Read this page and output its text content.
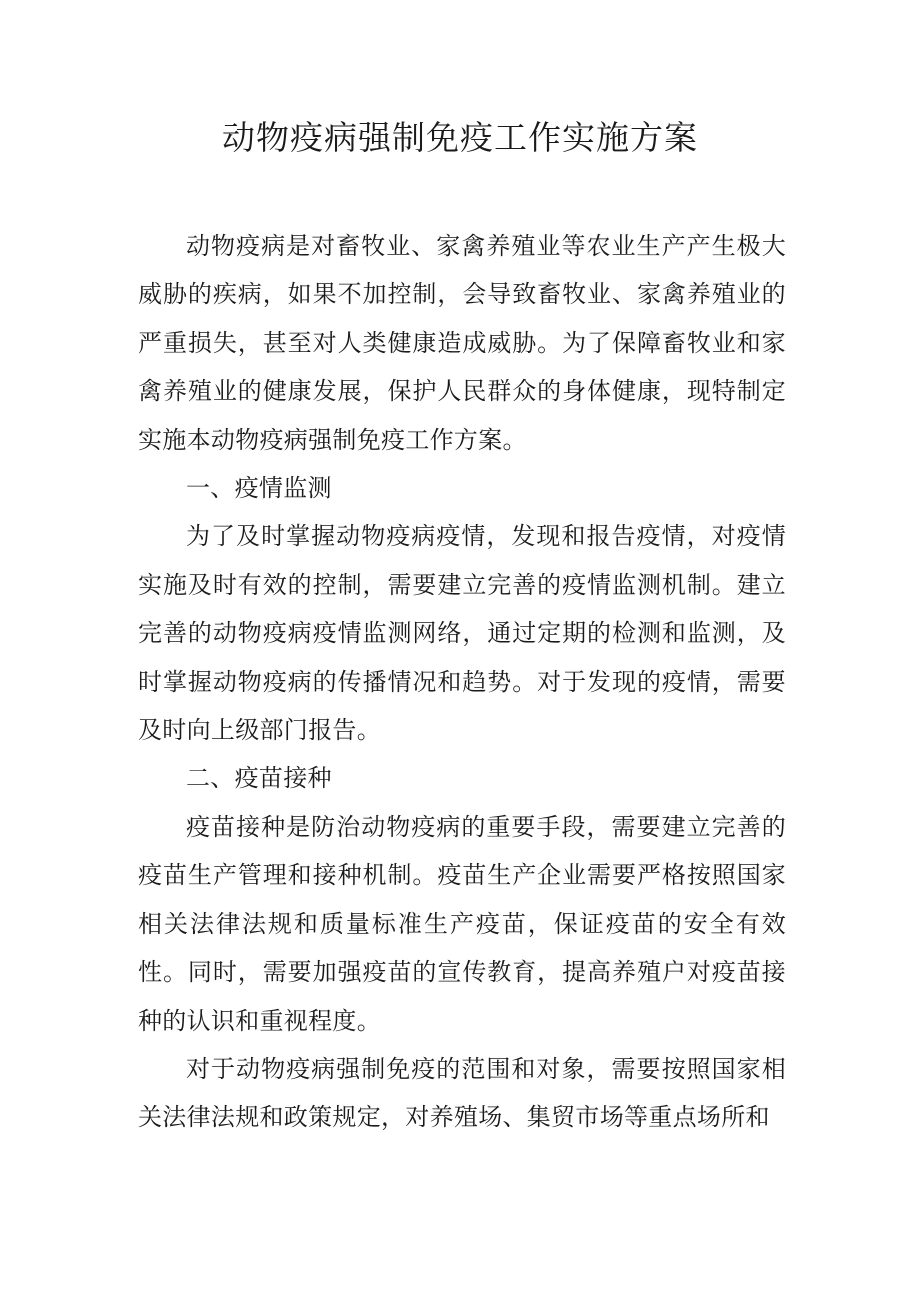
动物疫病强制免疫工作实施方案

动物疫病是对畜牧业、家禽养殖业等农业生产产生极大威胁的疾病，如果不加控制，会导致畜牧业、家禽养殖业的严重损失，甚至对人类健康造成威胁。为了保障畜牧业和家禽养殖业的健康发展，保护人民群众的身体健康，现特制定实施本动物疫病强制免疫工作方案。

一、疫情监测

为了及时掌握动物疫病疫情，发现和报告疫情，对疫情实施及时有效的控制，需要建立完善的疫情监测机制。建立完善的动物疫病疫情监测网络，通过定期的检测和监测，及时掌握动物疫病的传播情况和趋势。对于发现的疫情，需要及时向上级部门报告。

二、疫苗接种

疫苗接种是防治动物疫病的重要手段，需要建立完善的疫苗生产管理和接种机制。疫苗生产企业需要严格按照国家相关法律法规和质量标准生产疫苗，保证疫苗的安全有效性。同时，需要加强疫苗的宣传教育，提高养殖户对疫苗接种的认识和重视程度。

对于动物疫病强制免疫的范围和对象，需要按照国家相关法律法规和政策规定，对养殖场、集贸市场等重点场所和
